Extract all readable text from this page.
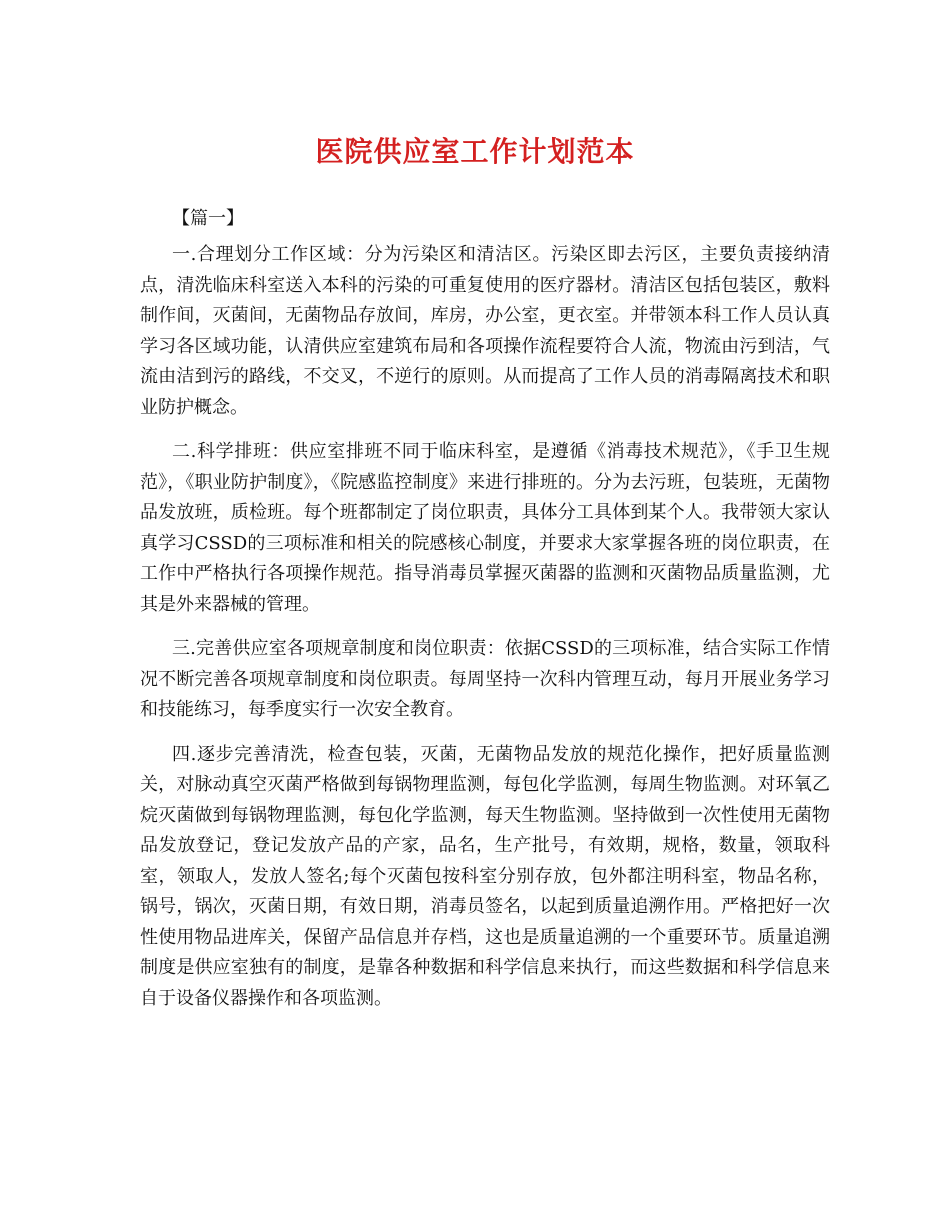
医院供应室工作计划范本

【篇一】

一.合理划分工作区域：分为污染区和清洁区。污染区即去污区，主要负责接纳清点，清洗临床科室送入本科的污染的可重复使用的医疗器材。清洁区包括包装区，敷料制作间，灭菌间，无菌物品存放间，库房，办公室，更衣室。并带领本科工作人员认真学习各区域功能，认清供应室建筑布局和各项操作流程要符合人流，物流由污到洁，气流由洁到污的路线，不交叉，不逆行的原则。从而提高了工作人员的消毒隔离技术和职业防护概念。

二.科学排班：供应室排班不同于临床科室，是遵循《消毒技术规范》，《手卫生规范》，《职业防护制度》，《院感监控制度》来进行排班的。分为去污班，包装班，无菌物品发放班，质检班。每个班都制定了岗位职责，具体分工具体到某个人。我带领大家认真学习CSSD的三项标准和相关的院感核心制度，并要求大家掌握各班的岗位职责，在工作中严格执行各项操作规范。指导消毒员掌握灭菌器的监测和灭菌物品质量监测，尤其是外来器械的管理。

三.完善供应室各项规章制度和岗位职责：依据CSSD的三项标准，结合实际工作情况不断完善各项规章制度和岗位职责。每周坚持一次科内管理互动，每月开展业务学习和技能练习，每季度实行一次安全教育。

四.逐步完善清洗，检查包装，灭菌，无菌物品发放的规范化操作，把好质量监测关，对脉动真空灭菌严格做到每锅物理监测，每包化学监测，每周生物监测。对环氧乙烷灭菌做到每锅物理监测，每包化学监测，每天生物监测。坚持做到一次性使用无菌物品发放登记，登记发放产品的产家，品名，生产批号，有效期，规格，数量，领取科室，领取人，发放人签名;每个灭菌包按科室分别存放，包外都注明科室，物品名称，锅号，锅次，灭菌日期，有效日期，消毒员签名，以起到质量追溯作用。严格把好一次性使用物品进库关，保留产品信息并存档，这也是质量追溯的一个重要环节。质量追溯制度是供应室独有的制度，是靠各种数据和科学信息来执行，而这些数据和科学信息来自于设备仪器操作和各项监测。
